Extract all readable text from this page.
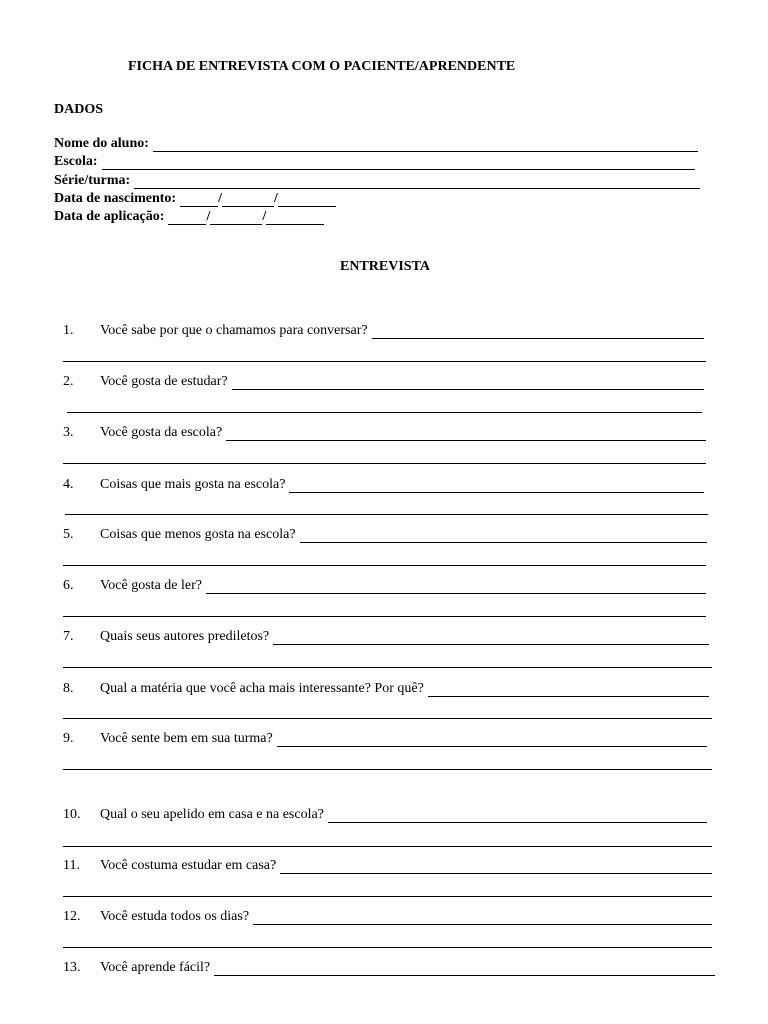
FICHA DE ENTREVISTA COM O PACIENTE/APRENDENTE
DADOS
Nome do aluno:
Escola:
Série/turma:
Data de nascimento:	/	/
Data de aplicação:	/	/
ENTREVISTA
1.	Você sabe por que o chamamos para conversar?
2.	Você gosta de estudar?
3.	Você gosta da escola?
4.	Coisas que mais gosta na escola?
5.	Coisas que menos gosta na escola?
6.	Você gosta de ler?
7.	Quais seus autores prediletos?
8.	Qual a matéria que você acha mais interessante? Por quê?
9.	Você sente bem em sua turma?
10.	Qual o seu apelido em casa e na escola?
11.	Você costuma estudar em casa?
12.	Você estuda todos os dias?
13.	Você aprende fácil?
